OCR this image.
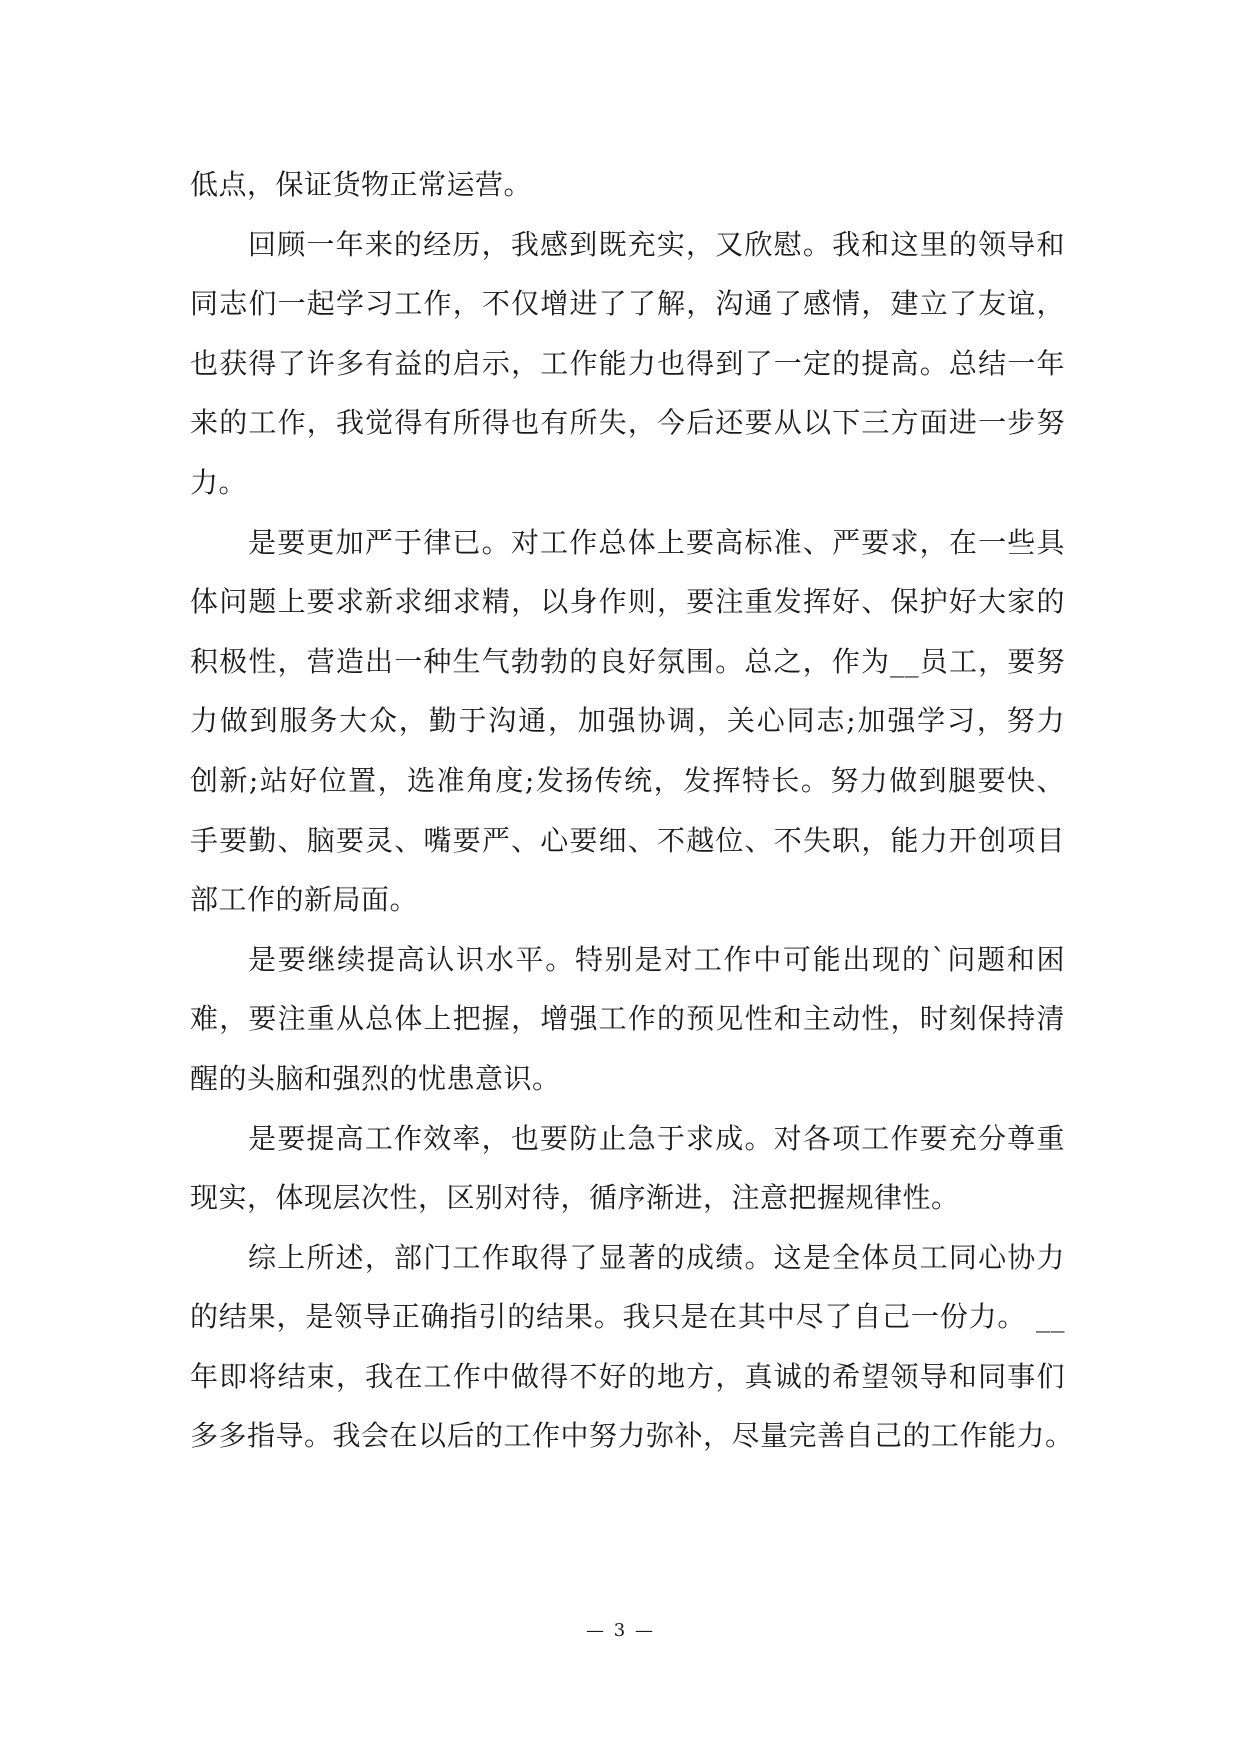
低点，保证货物正常运营。
回顾一年来的经历，我感到既充实，又欣慰。我和这里的领导和
同志们一起学习工作，不仅增进了了解，沟通了感情，建立了友谊，
也获得了许多有益的启示，工作能力也得到了一定的提高。总结一年
来的工作，我觉得有所得也有所失，今后还要从以下三方面进一步努
力。
是要更加严于律已。对工作总体上要高标准、严要求，在一些具
体问题上要求新求细求精，以身作则，要注重发挥好、保护好大家的
积极性，营造出一种生气勃勃的良好氛围。总之，作为__员工，要努
力做到服务大众，勤于沟通，加强协调，关心同志;加强学习，努力
创新;站好位置，选准角度;发扬传统，发挥特长。努力做到腿要快、
手要勤、脑要灵、嘴要严、心要细、不越位、不失职，能力开创项目
部工作的新局面。
是要继续提高认识水平。特别是对工作中可能出现的`问题和困
难，要注重从总体上把握，增强工作的预见性和主动性，时刻保持清
醒的头脑和强烈的忧患意识。
是要提高工作效率，也要防止急于求成。对各项工作要充分尊重
现实，体现层次性，区别对待，循序渐进，注意把握规律性。
综上所述，部门工作取得了显著的成绩。这是全体员工同心协力
的结果，是领导正确指引的结果。我只是在其中尽了自己一份力。 __
年即将结束，我在工作中做得不好的地方，真诚的希望领导和同事们
多多指导。我会在以后的工作中努力弥补，尽量完善自己的工作能力。
— 3 —
